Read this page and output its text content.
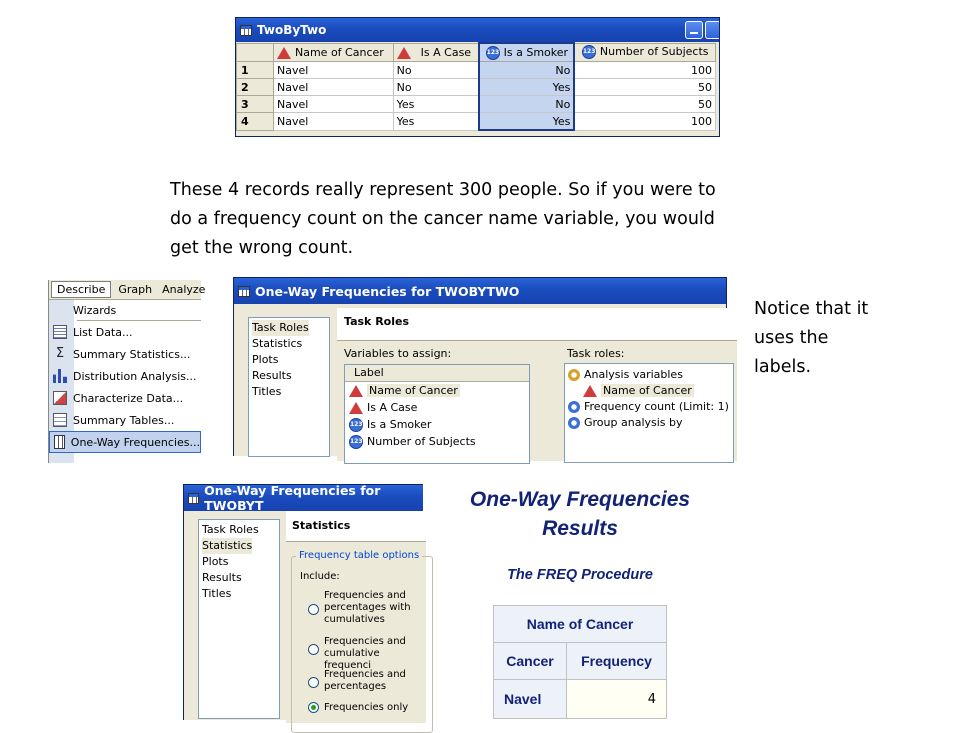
TwoByTwo
	Name of Cancer	Is A Case	123 Is a Smoker	123 Number of Subjects
1	Navel	No	No	100
2	Navel	No	Yes	50
3	Navel	Yes	No	50
4	Navel	Yes	Yes	100
These 4 records really represent 300 people. So if you were to
do a frequency count on the cancer name variable, you would
get the wrong count.
Notice that it
uses the
labels.
Describe	Graph Analyze
Wizards
List Data...
Σ Summary Statistics...
Distribution Analysis...
Characterize Data...
Summary Tables...
One-Way Frequencies...
One-Way Frequencies for TWOBYTWO
Task Roles
Statistics
Plots
Results
Titles
Task Roles
Variables to assign:
Label
Name of Cancer
Is A Case
123 Is a Smoker
123 Number of Subjects
Task roles:
Analysis variables
Name of Cancer
Frequency count (Limit: 1)
Group analysis by
One-Way Frequencies for TWOBYT
Task Roles
Statistics
Plots
Results
Titles
Statistics
Frequency table options
Include:
Frequencies and
percentages with
cumulatives
Frequencies and
cumulative frequenci
Frequencies and
percentages
Frequencies only
One-Way Frequencies
Results
The FREQ Procedure
Name of Cancer	
Cancer	Frequency
Navel	4
